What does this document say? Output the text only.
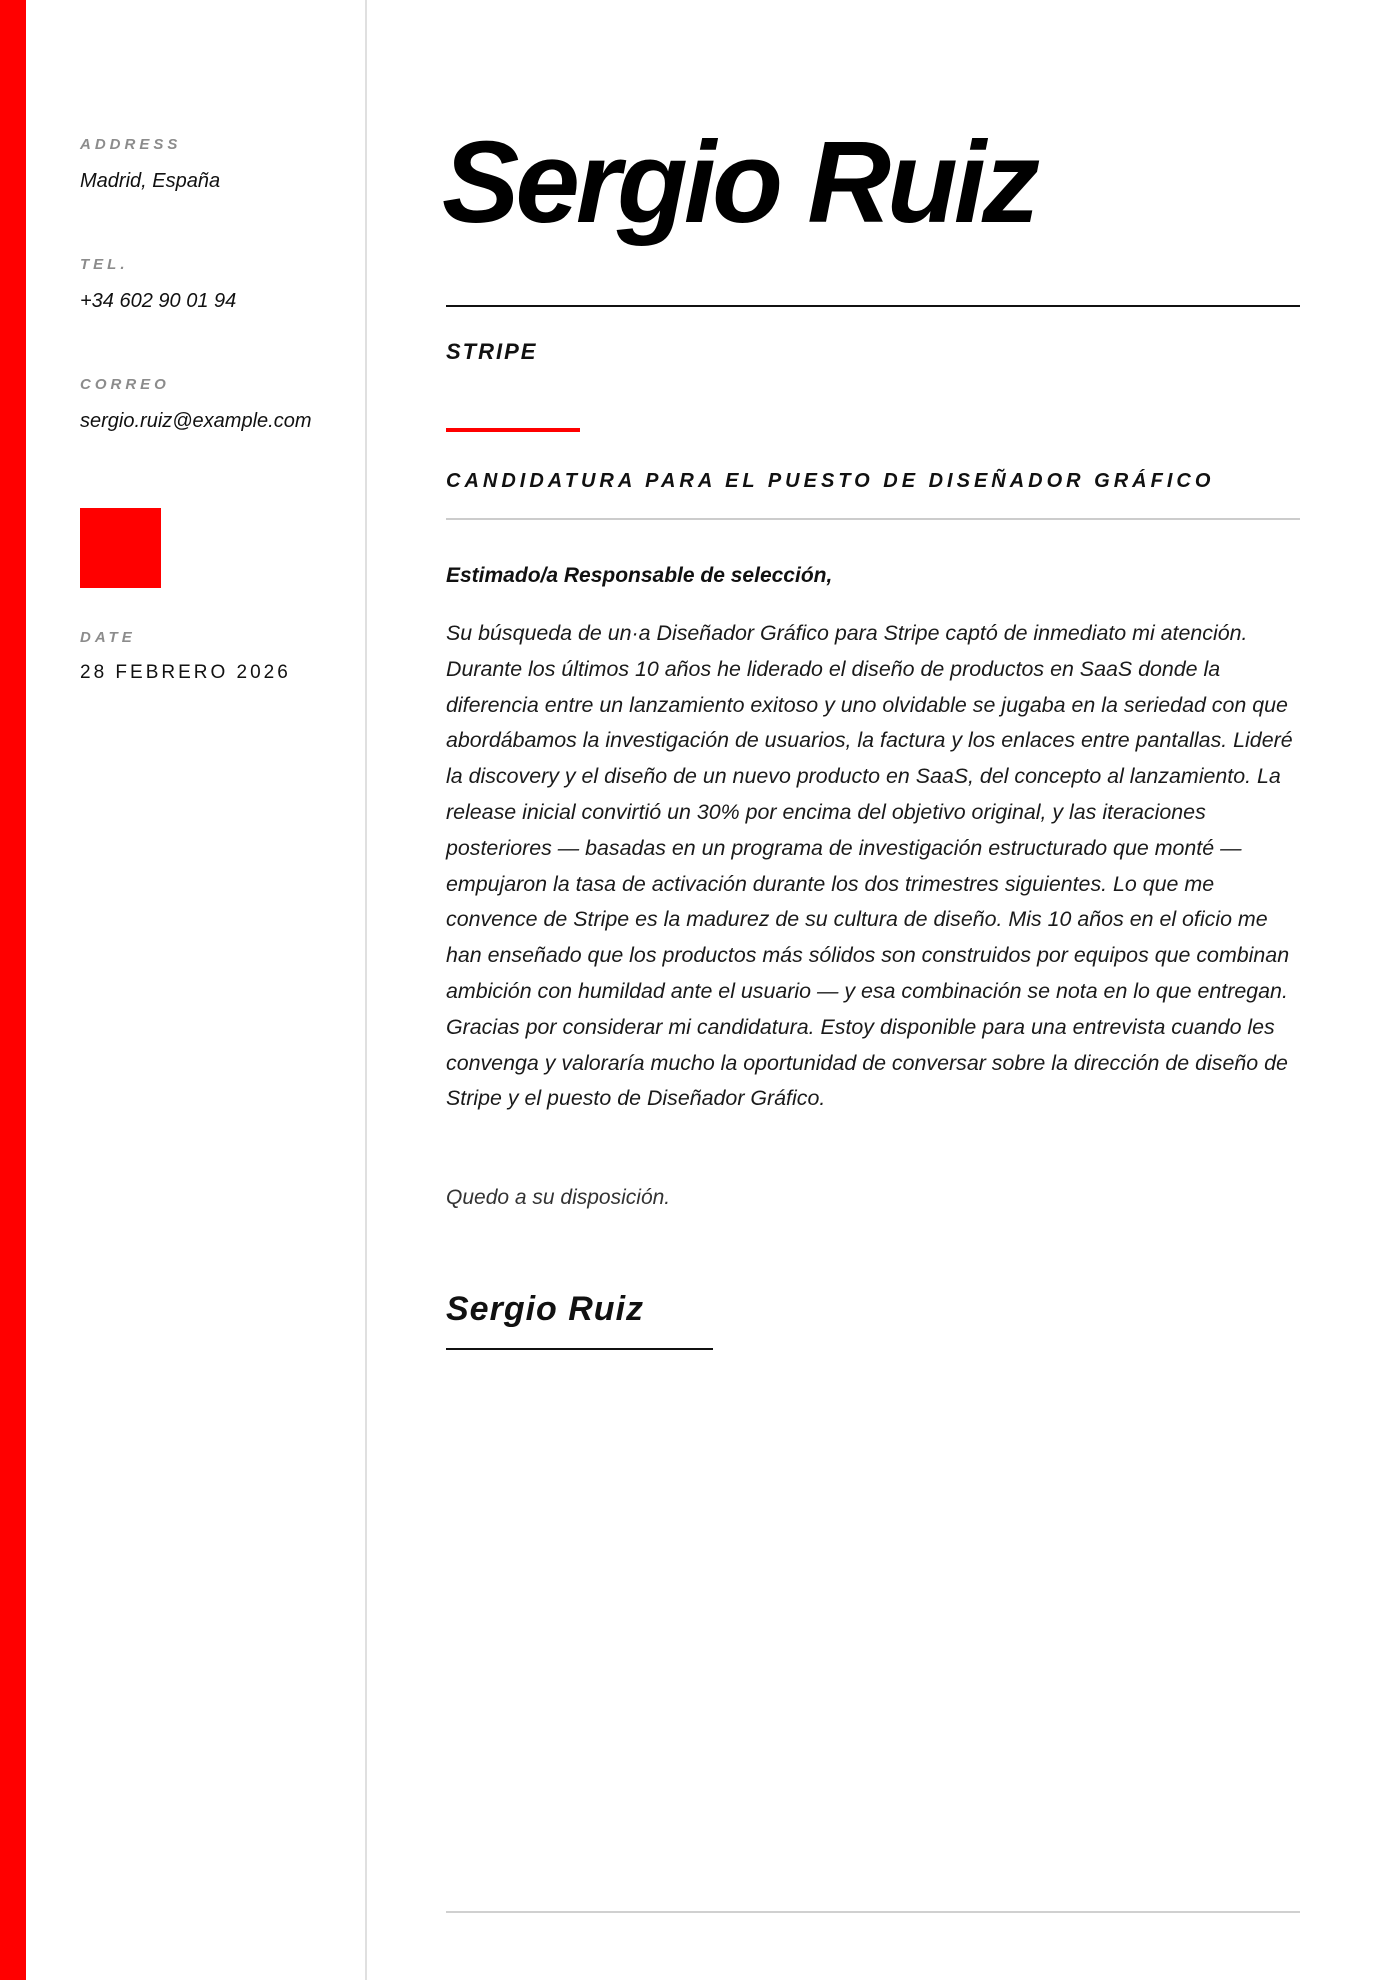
ADDRESS
Madrid, España
TEL.
+34 602 90 01 94
CORREO
sergio.ruiz@example.com
DATE
28 FEBRERO 2026
Sergio Ruiz
STRIPE
CANDIDATURA PARA EL PUESTO DE DISEÑADOR GRÁFICO
Estimado/a Responsable de selección,

Su búsqueda de un·a Diseñador Gráfico para Stripe captó de inmediato mi atención. Durante los últimos 10 años he liderado el diseño de productos en SaaS donde la diferencia entre un lanzamiento exitoso y uno olvidable se jugaba en la seriedad con que abordábamos la investigación de usuarios, la factura y los enlaces entre pantallas. Lideré la discovery y el diseño de un nuevo producto en SaaS, del concepto al lanzamiento. La release inicial convirtió un 30% por encima del objetivo original, y las iteraciones posteriores — basadas en un programa de investigación estructurado que monté — empujaron la tasa de activación durante los dos trimestres siguientes. Lo que me convence de Stripe es la madurez de su cultura de diseño. Mis 10 años en el oficio me han enseñado que los productos más sólidos son construidos por equipos que combinan ambición con humildad ante el usuario — y esa combinación se nota en lo que entregan. Gracias por considerar mi candidatura. Estoy disponible para una entrevista cuando les convenga y valoraría mucho la oportunidad de conversar sobre la dirección de diseño de Stripe y el puesto de Diseñador Gráfico.

Quedo a su disposición.
Sergio Ruiz
